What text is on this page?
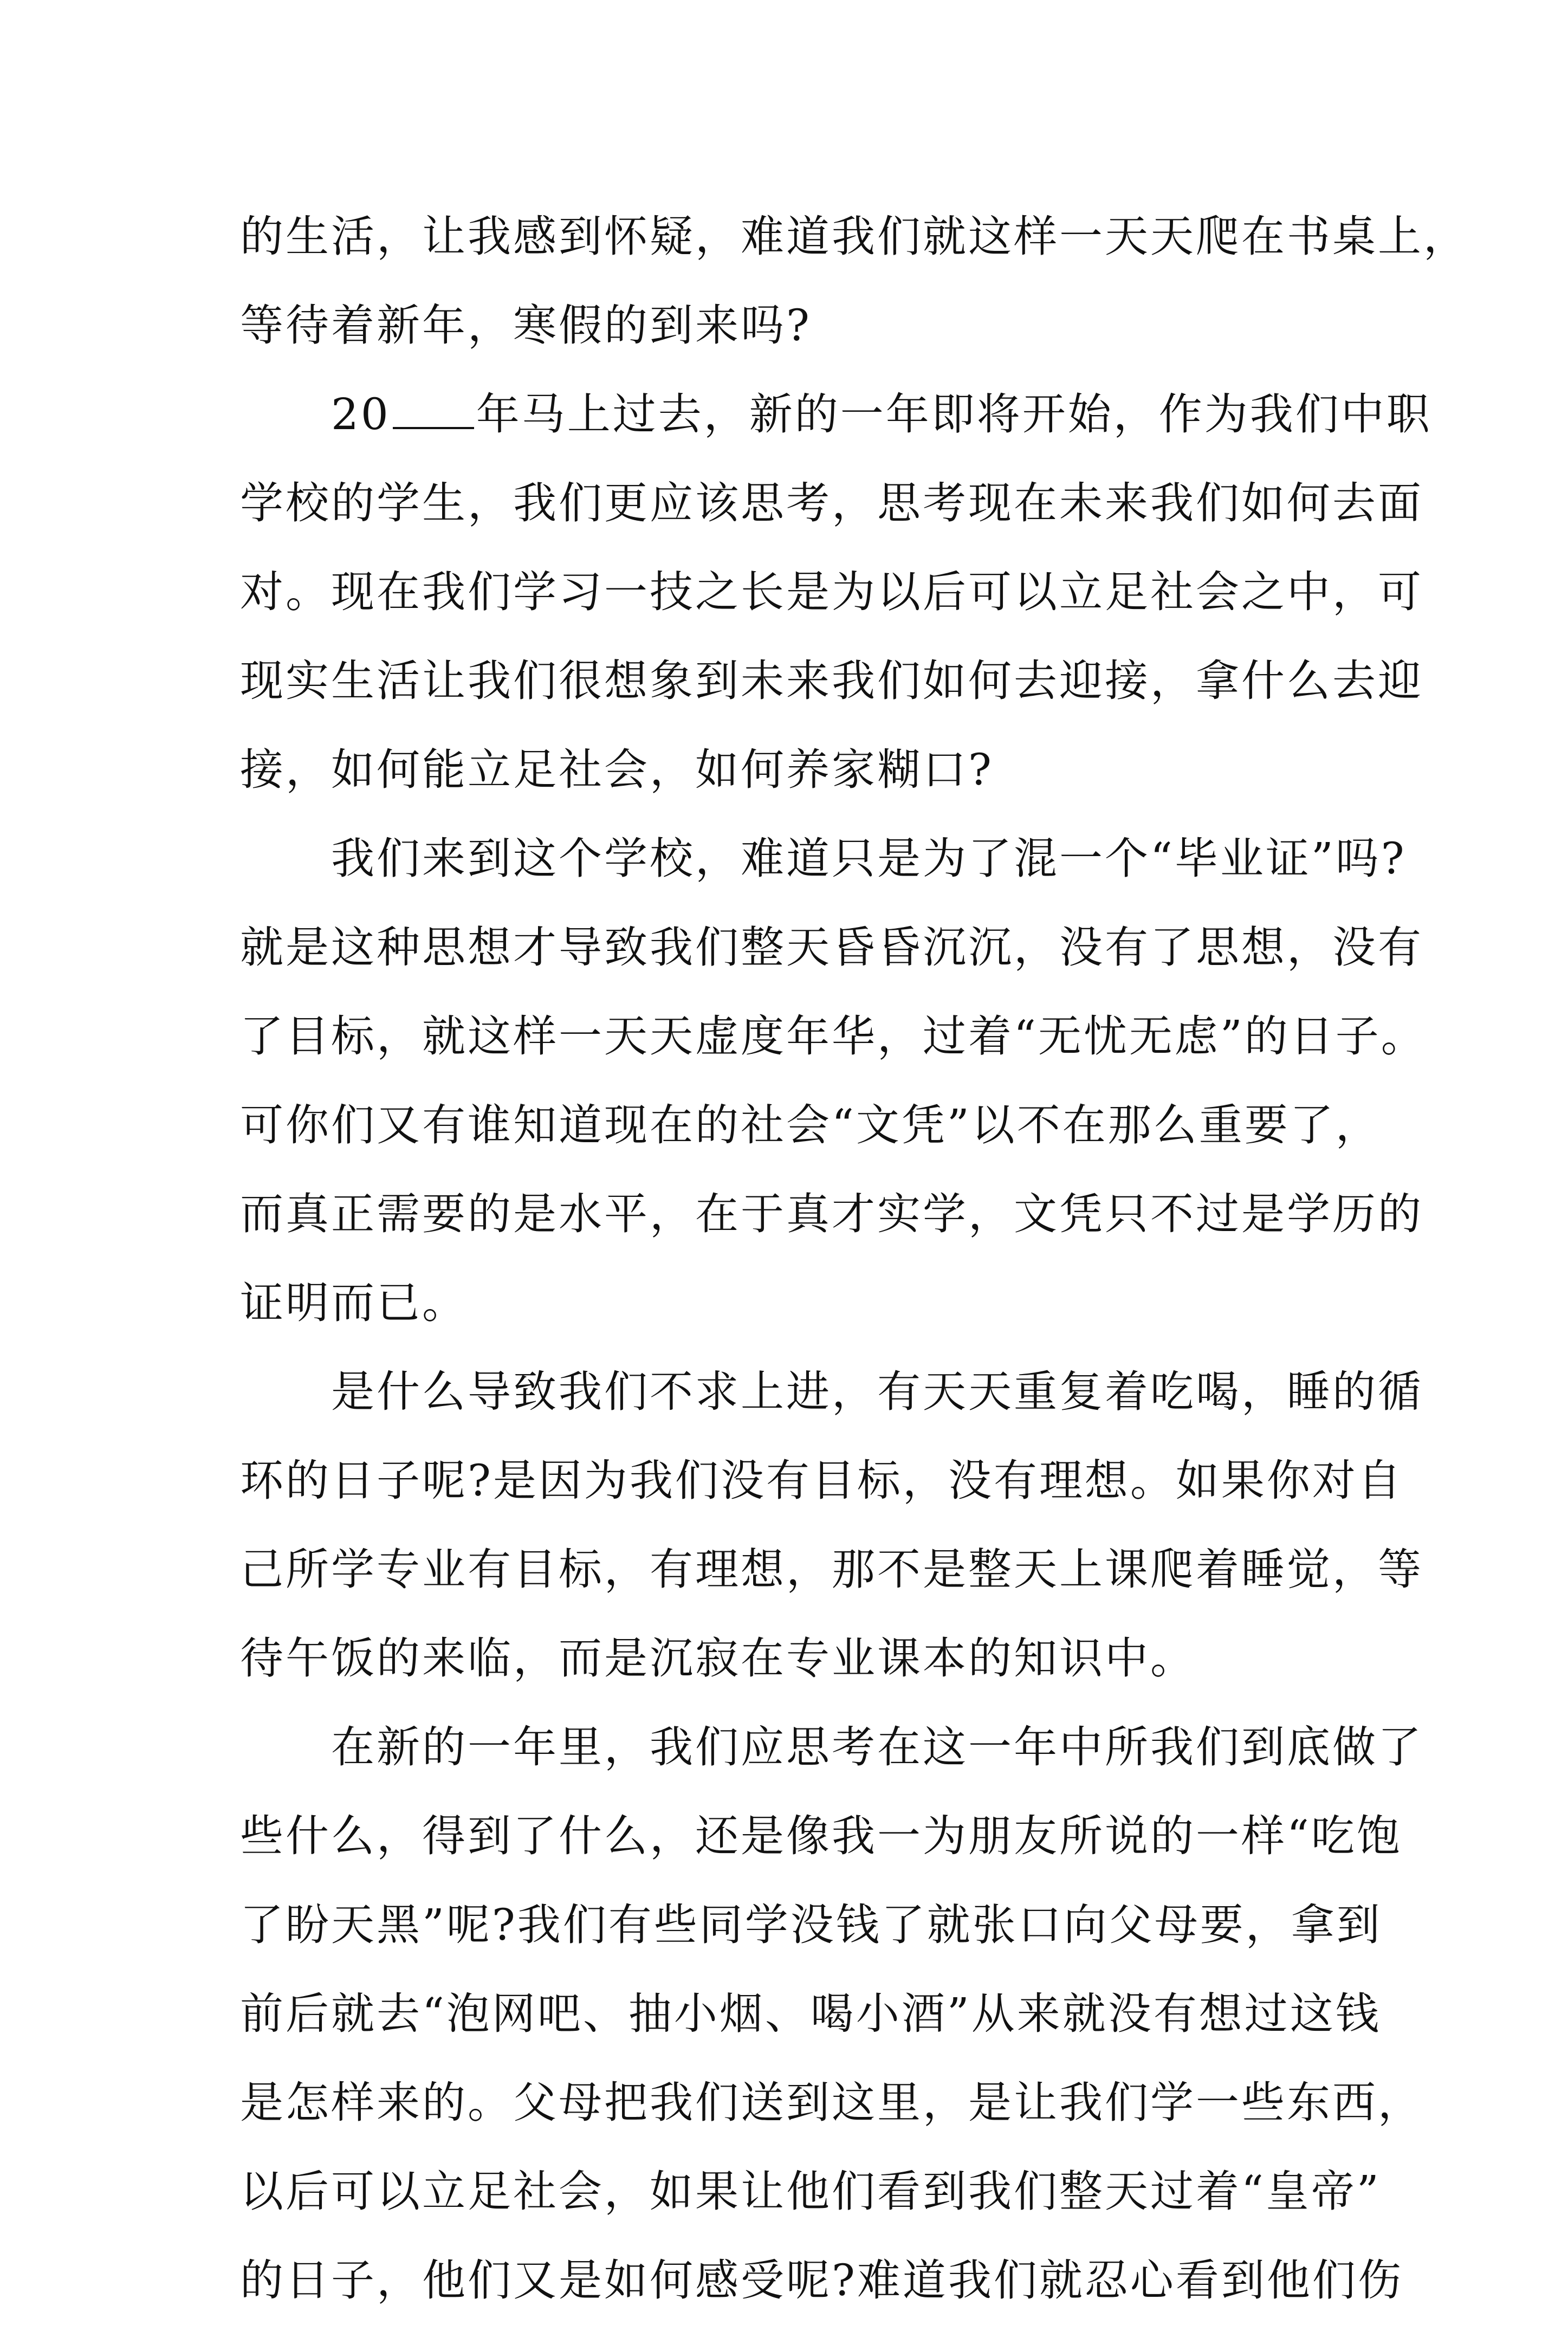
的生活，让我感到怀疑，难道我们就这样一天天爬在书桌上，
等待着新年，寒假的到来吗?
　　20 年马上过去，新的一年即将开始，作为我们中职
学校的学生，我们更应该思考，思考现在未来我们如何去面
对。现在我们学习一技之长是为以后可以立足社会之中，可
现实生活让我们很想象到未来我们如何去迎接，拿什么去迎
接，如何能立足社会，如何养家糊口?
　　我们来到这个学校，难道只是为了混一个“毕业证”吗?
就是这种思想才导致我们整天昏昏沉沉，没有了思想，没有
了目标，就这样一天天虚度年华，过着“无忧无虑”的日子。
可你们又有谁知道现在的社会“文凭”以不在那么重要了，
而真正需要的是水平，在于真才实学，文凭只不过是学历的
证明而已。
　　是什么导致我们不求上进，有天天重复着吃喝，睡的循
环的日子呢?是因为我们没有目标，没有理想。如果你对自
己所学专业有目标，有理想，那不是整天上课爬着睡觉，等
待午饭的来临，而是沉寂在专业课本的知识中。
　　在新的一年里，我们应思考在这一年中所我们到底做了
些什么，得到了什么，还是像我一为朋友所说的一样“吃饱
了盼天黑”呢?我们有些同学没钱了就张口向父母要，拿到
前后就去“泡网吧、抽小烟、喝小酒”从来就没有想过这钱
是怎样来的。父母把我们送到这里，是让我们学一些东西，
以后可以立足社会，如果让他们看到我们整天过着“皇帝”
的日子，他们又是如何感受呢?难道我们就忍心看到他们伤
